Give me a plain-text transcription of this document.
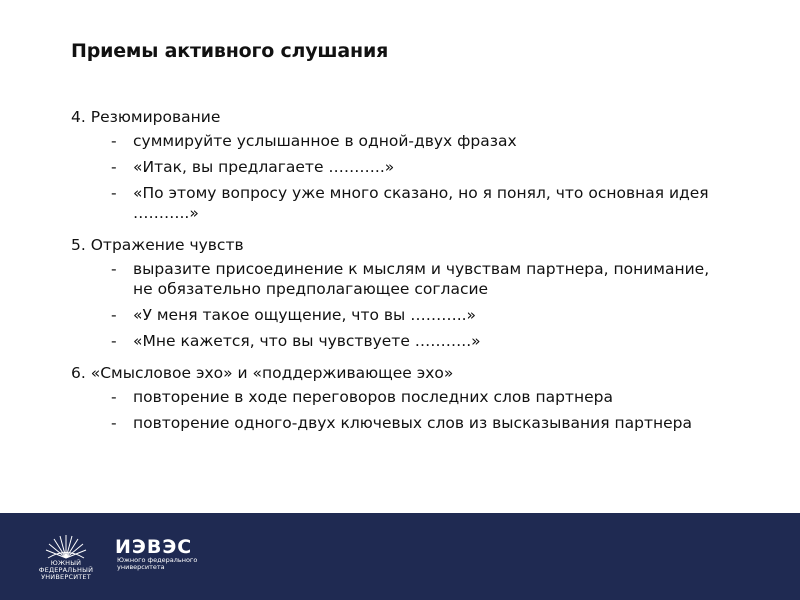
Приемы активного слушания
4. Резюмирование
- суммируйте услышанное в одной-двух фразах
- «Итак, вы предлагаете ………..»
- «По этому вопросу уже много сказано, но я понял, что основная идея ………..»
5. Отражение чувств
- выразите присоединение к мыслям и чувствам партнера, понимание, не обязательно предполагающее согласие
- «У меня такое ощущение, что вы ………..»
- «Мне кажется, что вы чувствуете ………..»
6. «Смысловое эхо» и «поддерживающее эхо»
- повторение в ходе переговоров последних слов партнера
- повторение одного-двух ключевых слов из высказывания партнера
ЮЖНЫЙ
ФЕДЕРАЛЬНЫЙ
УНИВЕРСИТЕТ
ИЭВЭС
Южного федерального
университета
